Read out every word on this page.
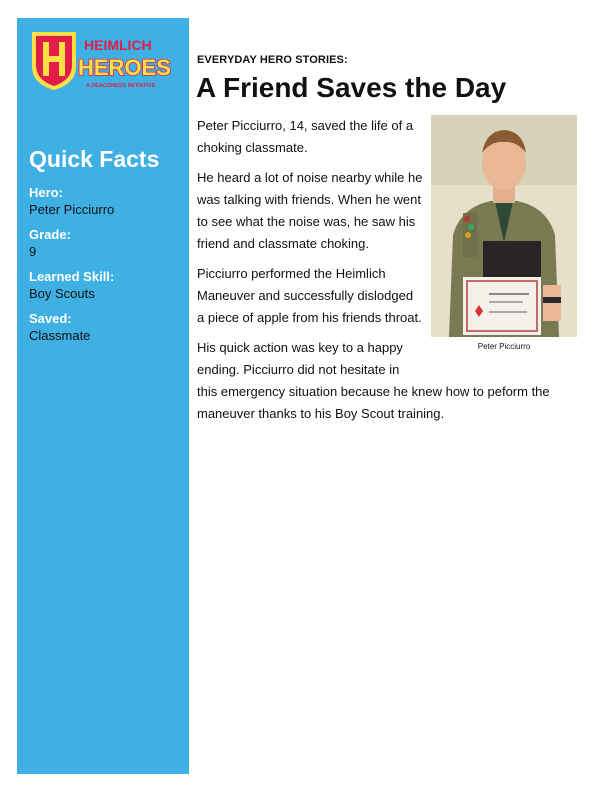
HEIMLICH
HEROES
A DEACONESS INITIATIVE
Quick Facts
Hero:
Peter Picciurro
Grade:
9
Learned Skill:
Boy Scouts
Saved:
Classmate
EVERYDAY HERO STORIES:
A Friend Saves the Day
Peter Picciurro

Peter Picciurro, 14, saved the life of a choking classmate.

He heard a lot of noise nearby while he was talking with friends. When he went to see what the noise was, he saw his friend and classmate choking.

Picciurro performed the Heimlich Maneuver and successfully dislodged a piece of apple from his friends throat.

His quick action was key to a happy ending. Picciurro did not hesitate in this emergency situation because he knew how to peform the maneuver thanks to his Boy Scout training.
